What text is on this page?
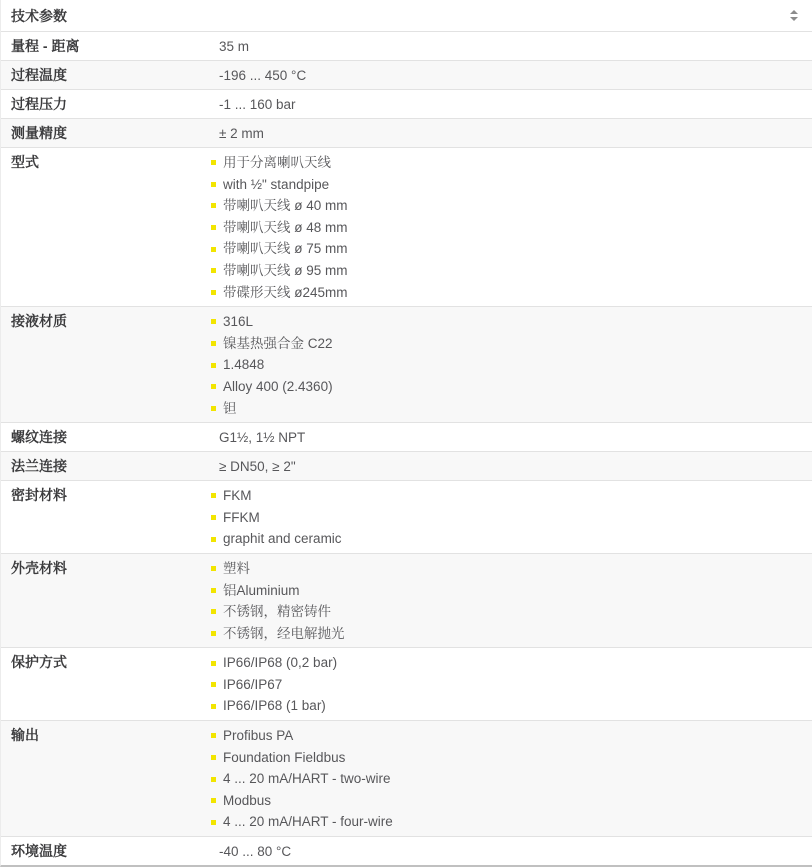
技术参数
量程 - 距离	35 m
过程温度	-196 ... 450 °C
过程压力	-1 ... 160 bar
测量精度	± 2 mm
型式	用于分离喇叭天线
with ½" standpipe
带喇叭天线 ø 40 mm
带喇叭天线 ø 48 mm
带喇叭天线 ø 75 mm
带喇叭天线 ø 95 mm
带碟形天线 ø245mm
接液材质	316L
镍基热强合金 C22
1.4848
Alloy 400 (2.4360)
钽
螺纹连接	G1½, 1½ NPT
法兰连接	≥ DN50, ≥ 2"
密封材料	FKM
FFKM
graphit and ceramic
外壳材料	塑料
铝Aluminium
不锈钢，精密铸件
不锈钢，经电解抛光
保护方式	IP66/IP68 (0,2 bar)
IP66/IP67
IP66/IP68 (1 bar)
输出	Profibus PA
Foundation Fieldbus
4 ... 20 mA/HART - two-wire
Modbus
4 ... 20 mA/HART - four-wire
环境温度	-40 ... 80 °C
